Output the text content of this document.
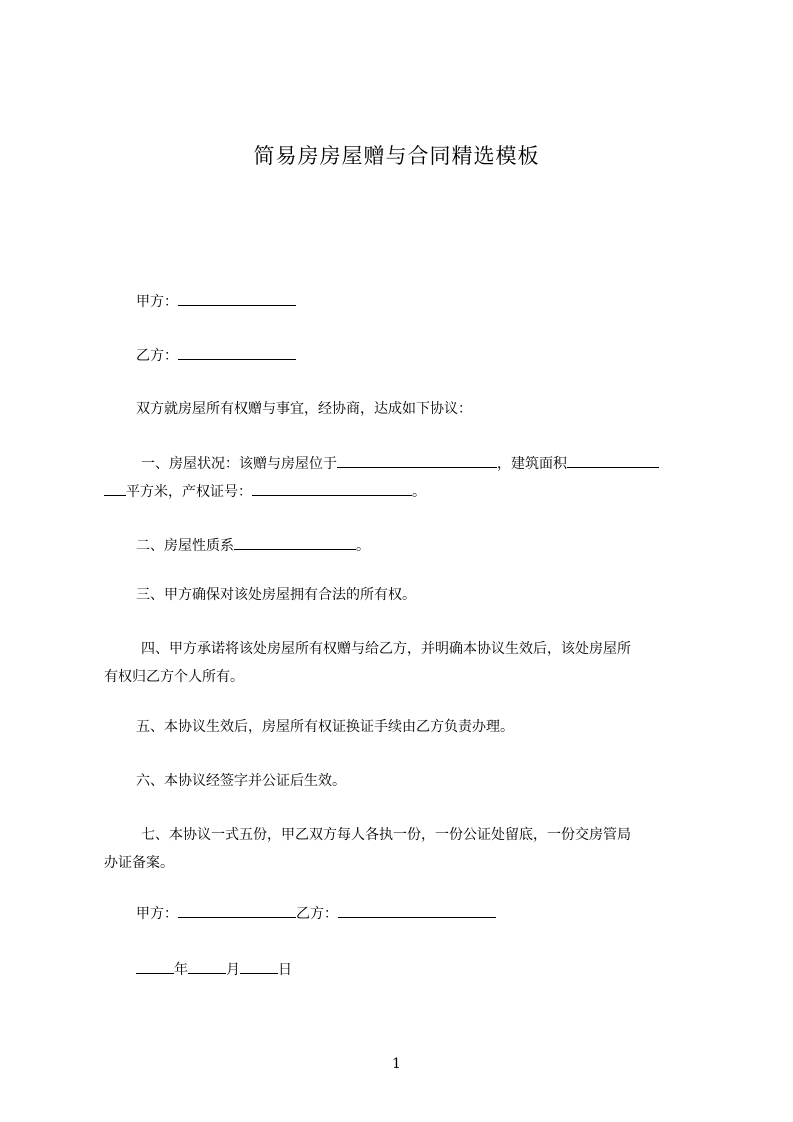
简易房房屋赠与合同精选模板
甲方：
乙方：
双方就房屋所有权赠与事宜，经协商，达成如下协议：
一、房屋状况：该赠与房屋位于	，建筑面积
平方米，产权证号：	。
二、房屋性质系	。
三、甲方确保对该处房屋拥有合法的所有权。
四、甲方承诺将该处房屋所有权赠与给乙方，并明确本协议生效后，该处房屋所
有权归乙方个人所有。
五、本协议生效后，房屋所有权证换证手续由乙方负责办理。
六、本协议经签字并公证后生效。
七、本协议一式五份，甲乙双方每人各执一份，一份公证处留底，一份交房管局
办证备案。
甲方：	乙方：
年	月	日
1
